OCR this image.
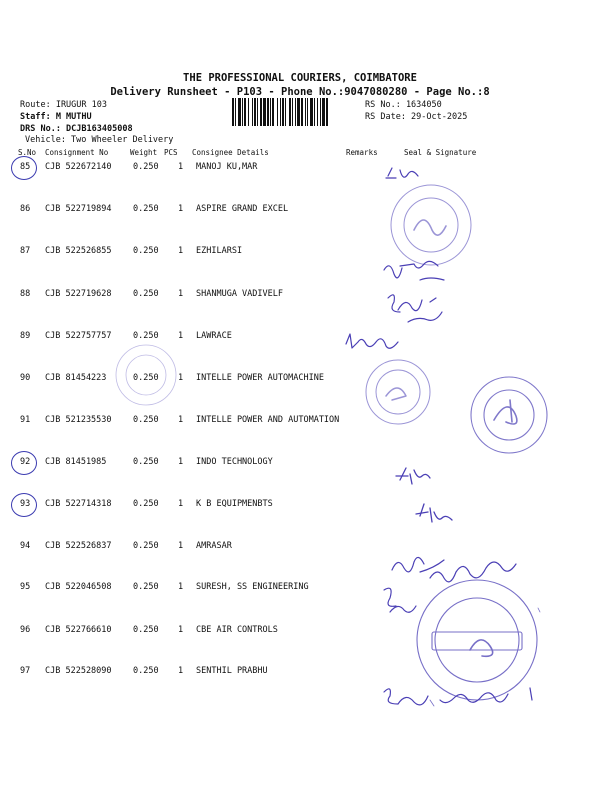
THE PROFESSIONAL COURIERS, COIMBATORE
Delivery Runsheet - P103 - Phone No.:9047080280 - Page No.:8
Route: IRUGUR 103
Staff: M MUTHU
DRS No.: DCJB163405008
Vehicle: Two Wheeler Delivery
RS No.: 1634050
RS Date: 29-Oct-2025
S.No Consignment No	Weight PCS Consignee Details	Remarks	Seal & Signature
85 CJB 522672140	0.250 1 MANOJ KU,MAR
86 CJB 522719894	0.250 1 ASPIRE GRAND EXCEL
87 CJB 522526855	0.250 1 EZHILARSI
88 CJB 522719628	0.250 1 SHANMUGA VADIVELF
89 CJB 522757757	0.250 1 LAWRACE
90 CJB 81454223	0.250 1 INTELLE POWER AUTOMACHINE
91 CJB 521235530	0.250 1 INTELLE POWER AND AUTOMATION
92 CJB 81451985	0.250 1 INDO TECHNOLOGY
93 CJB 522714318	0.250 1 K B EQUIPMENBTS
94 CJB 522526837	0.250 1 AMRASAR
95 CJB 522046508	0.250 1 SURESH, SS ENGINEERING
96 CJB 522766610	0.250 1 CBE AIR CONTROLS
97 CJB 522528090	0.250 1 SENTHIL PRABHU
